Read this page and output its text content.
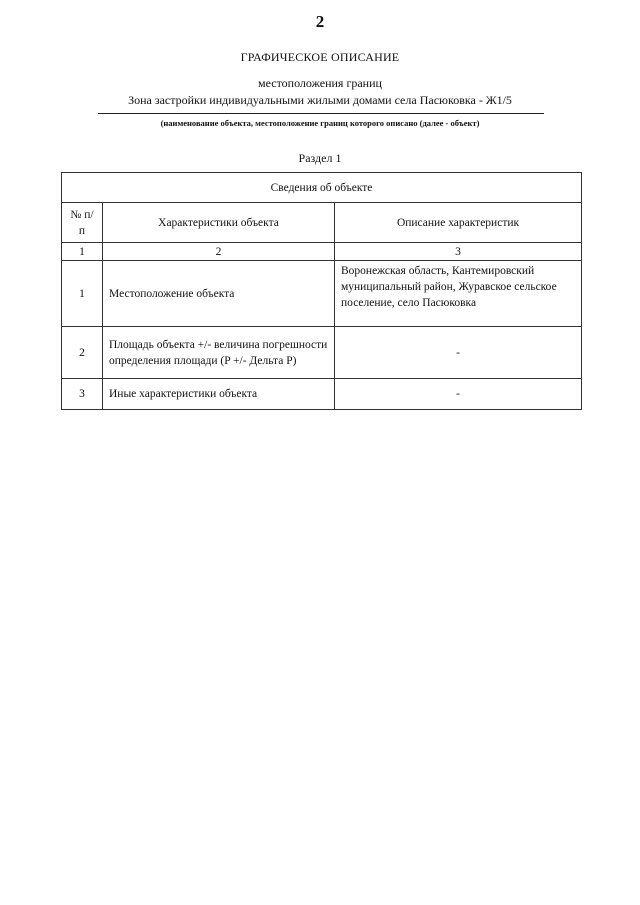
2
ГРАФИЧЕСКОЕ ОПИСАНИЕ
местоположения границ
Зона застройки индивидуальными жилыми домами села Пасюковка - Ж1/5
(наименование объекта, местоположение границ которого описано (далее - объект)
Раздел 1
Сведения об объекте		
№ п/п	Характеристики объекта	Описание характеристик
1	2	3
1	Местоположение объекта	Воронежская область, Кантемировский муниципальный район, Журавское сельское поселение, село Пасюковка
2	Площадь объекта +/- величина погрешности определения площади (P +/- Дельта P)	-
3	Иные характеристики объекта	-
